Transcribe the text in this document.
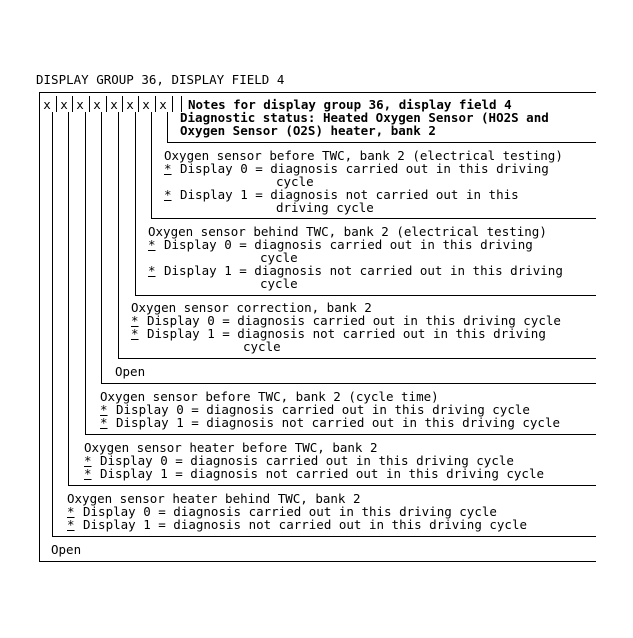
DISPLAY GROUP 36, DISPLAY FIELD 4
x x x x x x x x Notes for display group 36, display field 4
Diagnostic status: Heated Oxygen Sensor (HO2S and
Oxygen Sensor (O2S) heater, bank 2
Oxygen sensor before TWC, bank 2 (electrical testing)
* Display 0 = diagnosis carried out in this driving
cycle
* Display 1 = diagnosis not carried out in this
driving cycle
Oxygen sensor behind TWC, bank 2 (electrical testing)
* Display 0 = diagnosis carried out in this driving
cycle
* Display 1 = diagnosis not carried out in this driving
cycle
Oxygen sensor correction, bank 2
* Display 0 = diagnosis carried out in this driving cycle
* Display 1 = diagnosis not carried out in this driving
cycle
Open
Oxygen sensor before TWC, bank 2 (cycle time)
* Display 0 = diagnosis carried out in this driving cycle
* Display 1 = diagnosis not carried out in this driving cycle
Oxygen sensor heater before TWC, bank 2
* Display 0 = diagnosis carried out in this driving cycle
* Display 1 = diagnosis not carried out in this driving cycle
Oxygen sensor heater behind TWC, bank 2
* Display 0 = diagnosis carried out in this driving cycle
* Display 1 = diagnosis not carried out in this driving cycle
Open
